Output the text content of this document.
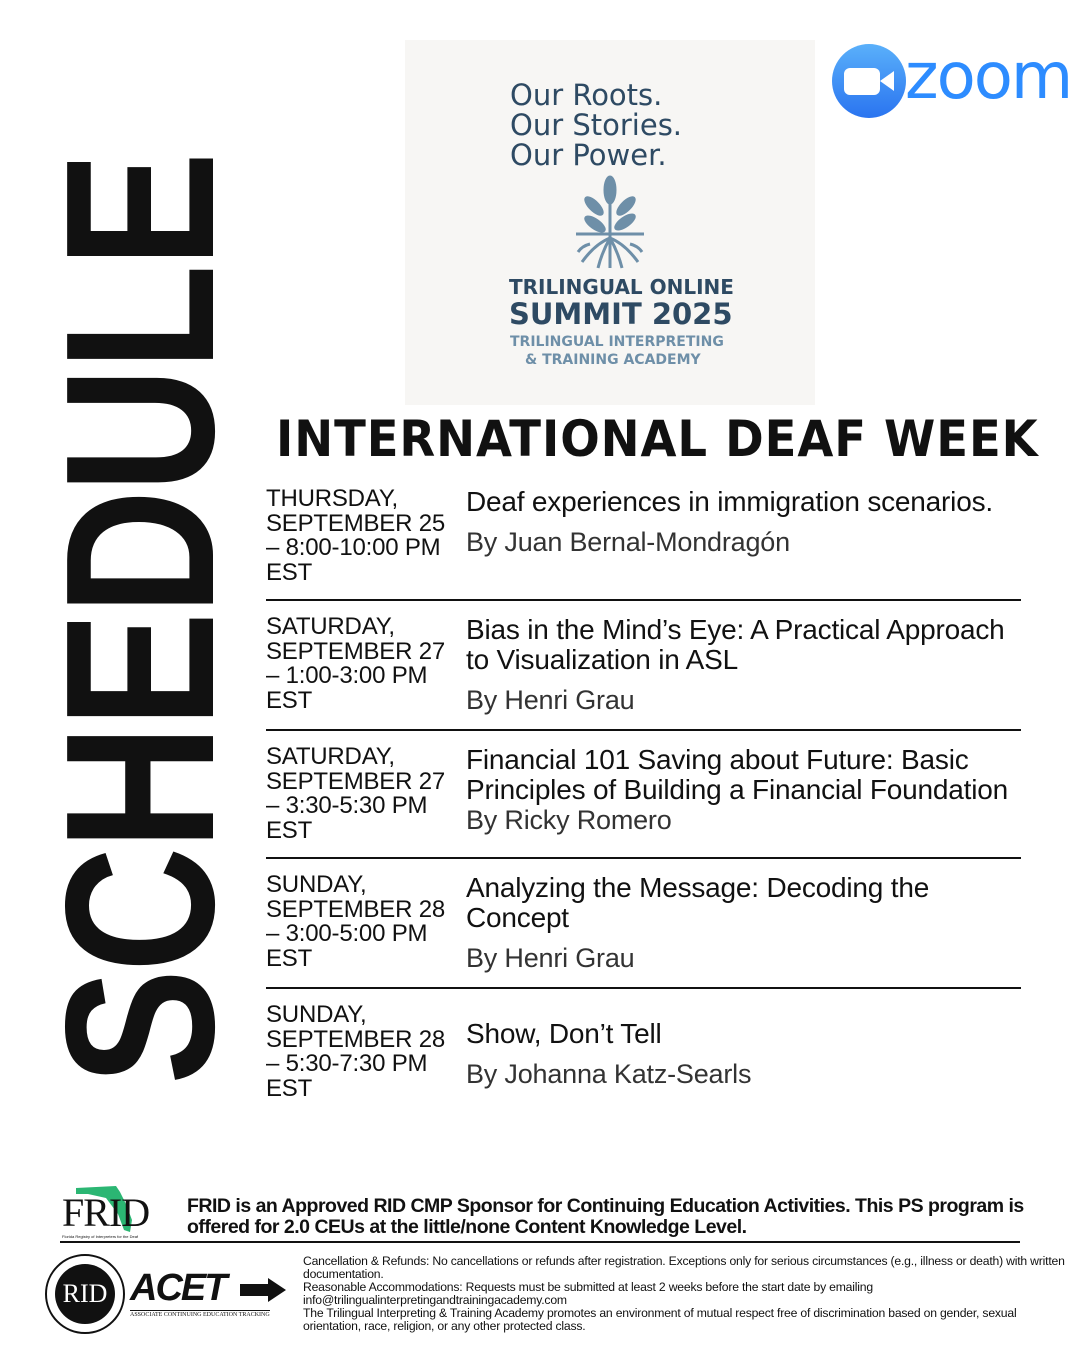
SCHEDULE
Our Roots.
Our Stories.
Our Power.
TRILINGUAL ONLINE
SUMMIT 2025
TRILINGUAL INTERPRETING
& TRAINING ACADEMY
zoom
INTERNATIONAL DEAF WEEK
THURSDAY, SEPTEMBER 25 – 8:00-10:00 PM EST
Deaf experiences in immigration scenarios.
By Juan Bernal-Mondragón
SATURDAY, SEPTEMBER 27 – 1:00-3:00 PM EST
Bias in the Mind’s Eye: A Practical Approach to Visualization in ASL
By Henri Grau
SATURDAY, SEPTEMBER 27 – 3:30-5:30 PM EST
Financial 101 Saving about Future: Basic Principles of Building a Financial Foundation
By Ricky Romero
SUNDAY, SEPTEMBER 28 – 3:00-5:00 PM EST
Analyzing the Message: Decoding the Concept
By Henri Grau
SUNDAY, SEPTEMBER 28 – 5:30-7:30 PM EST
Show, Don’t Tell
By Johanna Katz-Searls
FRID
Florida Registry of Interpreters for the Deaf
FRID is an Approved RID CMP Sponsor for Continuing Education Activities. This PS program is offered for 2.0 CEUs at the little/none Content Knowledge Level.
RID ACET
ASSOCIATE CONTINUING EDUCATION TRACKING
Cancellation & Refunds: No cancellations or refunds after registration. Exceptions only for serious circumstances (e.g., illness or death) with written documentation.
Reasonable Accommodations: Requests must be submitted at least 2 weeks before the start date by emailing info@trilingualinterpretingandtrainingacademy.com
The Trilingual Interpreting & Training Academy promotes an environment of mutual respect free of discrimination based on gender, sexual orientation, race, religion, or any other protected class.
